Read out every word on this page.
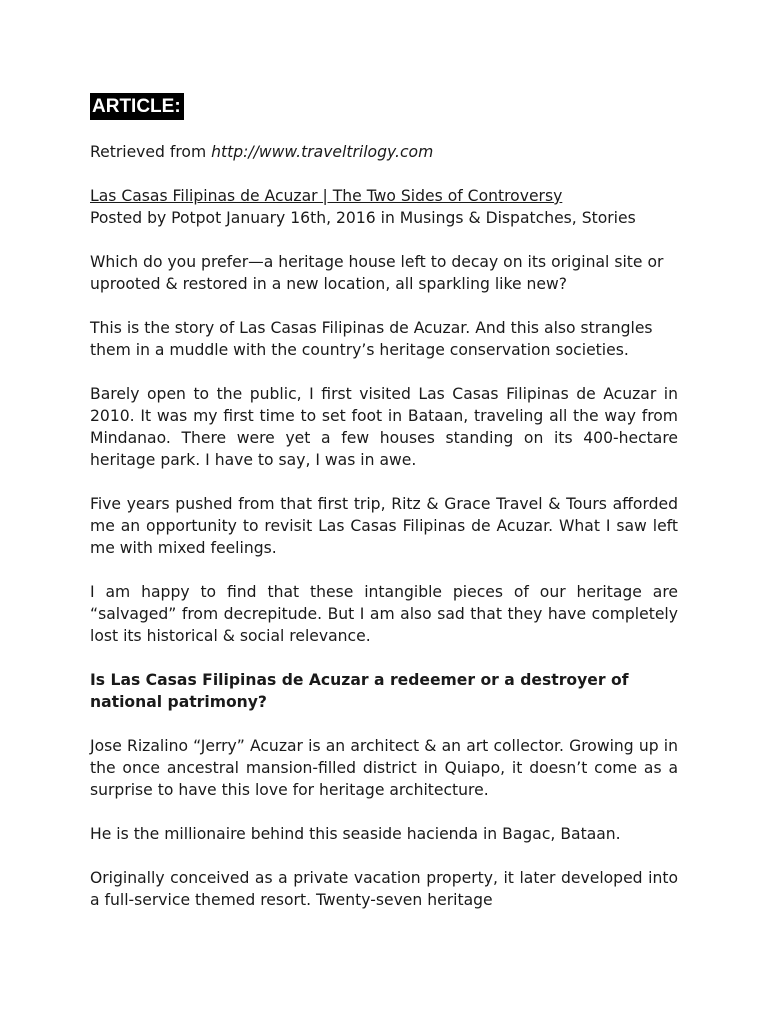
ARTICLE:

Retrieved from http://www.traveltrilogy.com

Las Casas Filipinas de Acuzar | The Two Sides of Controversy

Posted by Potpot January 16th, 2016 in Musings & Dispatches, Stories

Which do you prefer—a heritage house left to decay on its original site or uprooted & restored in a new location, all sparkling like new?

This is the story of Las Casas Filipinas de Acuzar. And this also strangles them in a muddle with the country’s heritage conservation societies.

Barely open to the public, I first visited Las Casas Filipinas de Acuzar in 2010. It was my first time to set foot in Bataan, traveling all the way from Mindanao. There were yet a few houses standing on its 400-hectare heritage park. I have to say, I was in awe.

Five years pushed from that first trip, Ritz & Grace Travel & Tours afforded me an opportunity to revisit Las Casas Filipinas de Acuzar. What I saw left me with mixed feelings.

I am happy to find that these intangible pieces of our heritage are “salvaged” from decrepitude. But I am also sad that they have completely lost its historical & social relevance.

Is Las Casas Filipinas de Acuzar a redeemer or a destroyer of national patrimony?

Jose Rizalino “Jerry” Acuzar is an architect & an art collector. Growing up in the once ancestral mansion-filled district in Quiapo, it doesn’t come as a surprise to have this love for heritage architecture.

He is the millionaire behind this seaside hacienda in Bagac, Bataan.

Originally conceived as a private vacation property, it later developed into a full-service themed resort. Twenty-seven heritage
